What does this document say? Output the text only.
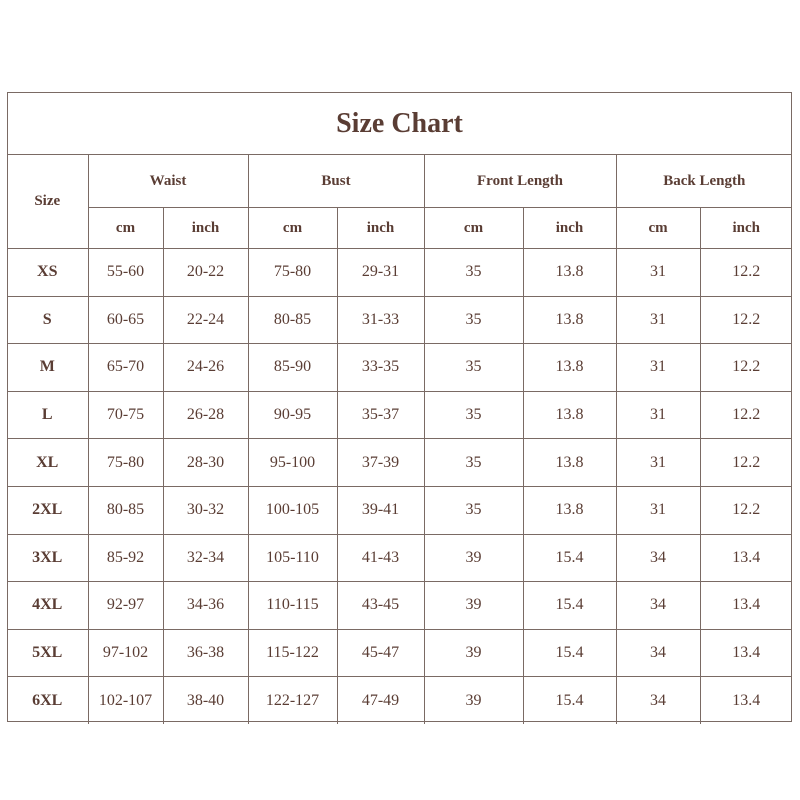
Size Chart
Size	Waist		Bust		Front Length		Back Length	
	cm	inch	cm	inch	cm	inch	cm	inch
XS	55-60	20-22	75-80	29-31	35	13.8	31	12.2
S	60-65	22-24	80-85	31-33	35	13.8	31	12.2
M	65-70	24-26	85-90	33-35	35	13.8	31	12.2
L	70-75	26-28	90-95	35-37	35	13.8	31	12.2
XL	75-80	28-30	95-100	37-39	35	13.8	31	12.2
2XL	80-85	30-32	100-105	39-41	35	13.8	31	12.2
3XL	85-92	32-34	105-110	41-43	39	15.4	34	13.4
4XL	92-97	34-36	110-115	43-45	39	15.4	34	13.4
5XL	97-102	36-38	115-122	45-47	39	15.4	34	13.4
6XL	102-107	38-40	122-127	47-49	39	15.4	34	13.4
